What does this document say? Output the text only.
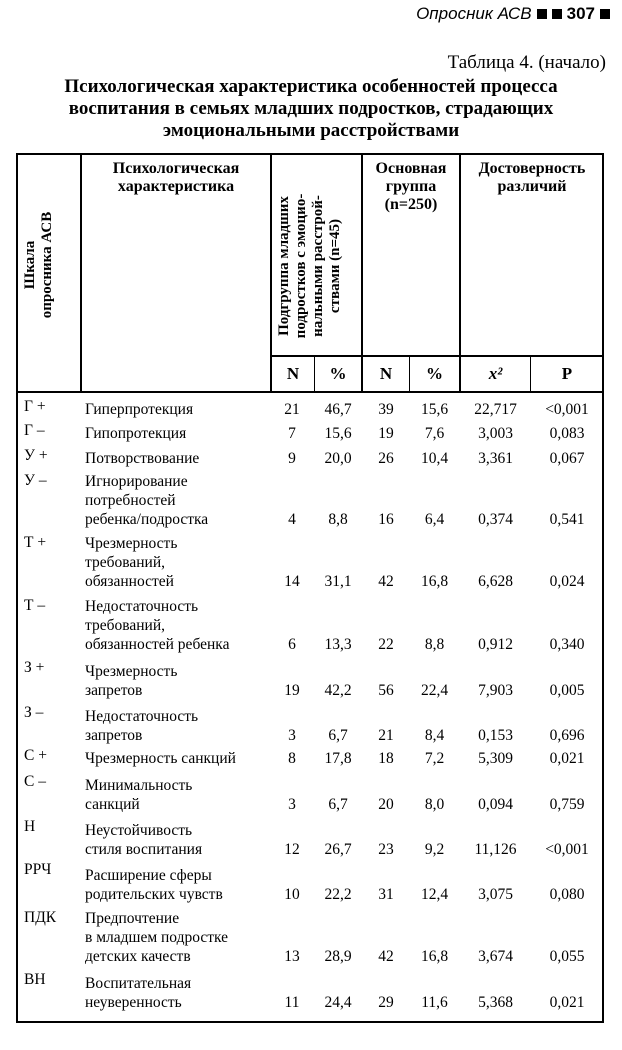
Опросник АСВ 307
Таблица 4. (начало)
Психологическая характеристика особенностей процесса
воспитания в семьях младших подростков, страдающих
эмоциональными расстройствами
Шкала опросника АСВ
Психологическая
характеристика
Подгруппа младших подростков с эмоцио- нальными расстрой- ствами (n=45)
Основная
группа
(n=250)
Достоверность
различий
N	%	N	%	x²	P
Г +	Гиперпротекция	21	46,7	39	15,6	22,717	<0,001
Г –	Гипопротекция	7	15,6	19	7,6	3,003	0,083
У + Потворствование	9	20,0	26	10,4	3,361	0,067
У – Игнорирование
потребностей
ребенка/подростка	4	8,8	16	6,4	0,374	0,541
Т +	Чрезмерность
требований,
обязанностей	14	31,1	42	16,8	6,628	0,024
Т –	Недостаточность
требований,
обязанностей ребенка	6	13,3	22	8,8	0,912	0,340
З +	Чрезмерность
запретов	19	42,2	56	22,4	7,903	0,005
З –	Недостаточность
запретов	3	6,7	21	8,4	0,153	0,696
С + Чрезмерность санкций	8	17,8	18	7,2	5,309	0,021
С –	Минимальность
санкций	3	6,7	20	8,0	0,094	0,759
Н	Неустойчивость
стиля воспитания	12	26,7	23	9,2	11,126	<0,001
РРЧ Расширение сферы
родительских чувств	10	22,2	31	12,4	3,075	0,080
ПДК Предпочтение
в младшем подростке
детских качеств	13	28,9	42	16,8	3,674	0,055
ВН	Воспитательная
неуверенность	11	24,4	29	11,6	5,368	0,021
